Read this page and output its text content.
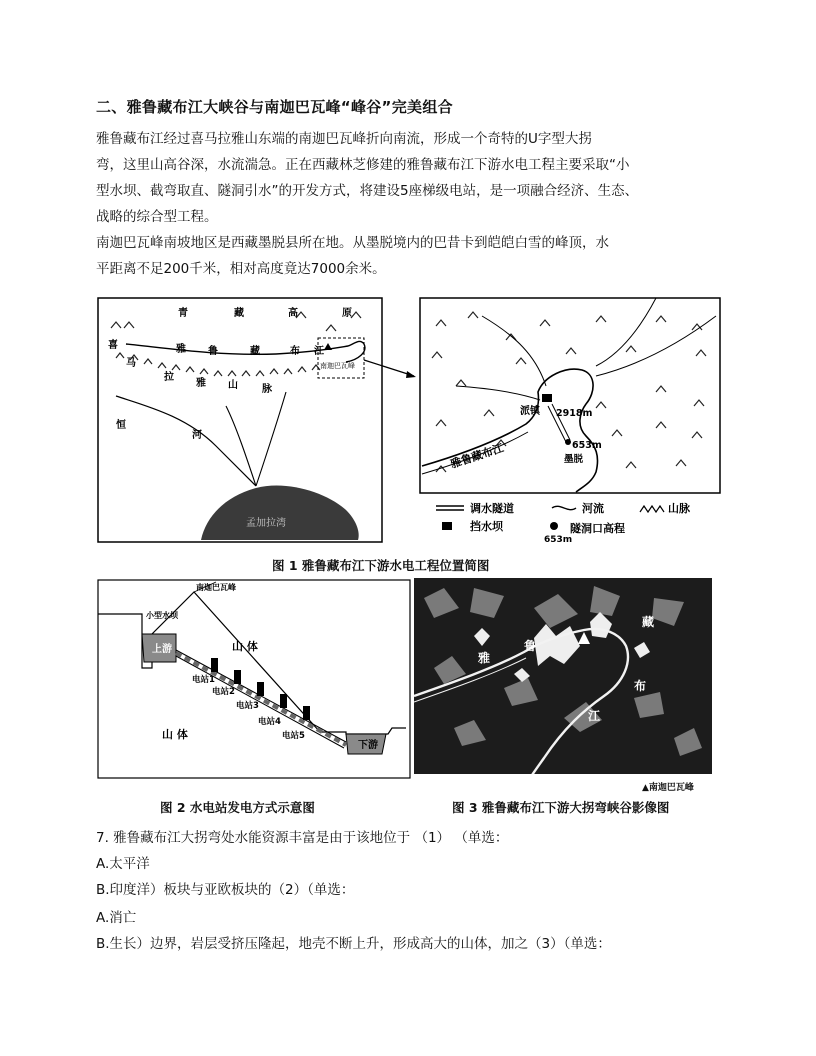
二、雅鲁藏布江大峡谷与南迦巴瓦峰“峰谷”完美组合
雅鲁藏布江经过喜马拉雅山东端的南迦巴瓦峰折向南流，形成一个奇特的U字型大拐
弯，这里山高谷深，水流湍急。正在西藏林芝修建的雅鲁藏布江下游水电工程主要采取“小
型水坝、截弯取直、隧洞引水”的开发方式，将建设5座梯级电站，是一项融合经济、生态、
战略的综合型工程。
南迦巴瓦峰南坡地区是西藏墨脱县所在地。从墨脱境内的巴昔卡到皑皑白雪的峰顶，水
平距离不足200千米，相对高度竟达7000余米。
孟加拉湾
青	藏	高	原
雅 鲁	藏	布 江
喜
马
拉
雅 山 脉
恒
河
南迦巴瓦峰
派镇 2918m
653m
墨脱
雅鲁藏布江
调水隧道	河流	山脉
挡水坝
653m
隧洞口高程
图 1 雅鲁藏布江下游水电工程位置简图
南迦巴瓦峰
小型水坝
上游
下游
山 体
山 体
电站1
电站2
电站3
电站4
电站5
雅
鲁
藏
布
江
▲南迦巴瓦峰
图 2 水电站发电方式示意图	图 3 雅鲁藏布江下游大拐弯峡谷影像图
7. 雅鲁藏布江大拐弯处水能资源丰富是由于该地位于 （1） （单选：
A.太平洋
B.印度洋）板块与亚欧板块的（2）（单选：
A.消亡
B.生长）边界，岩层受挤压隆起，地壳不断上升，形成高大的山体，加之（3）（单选：
